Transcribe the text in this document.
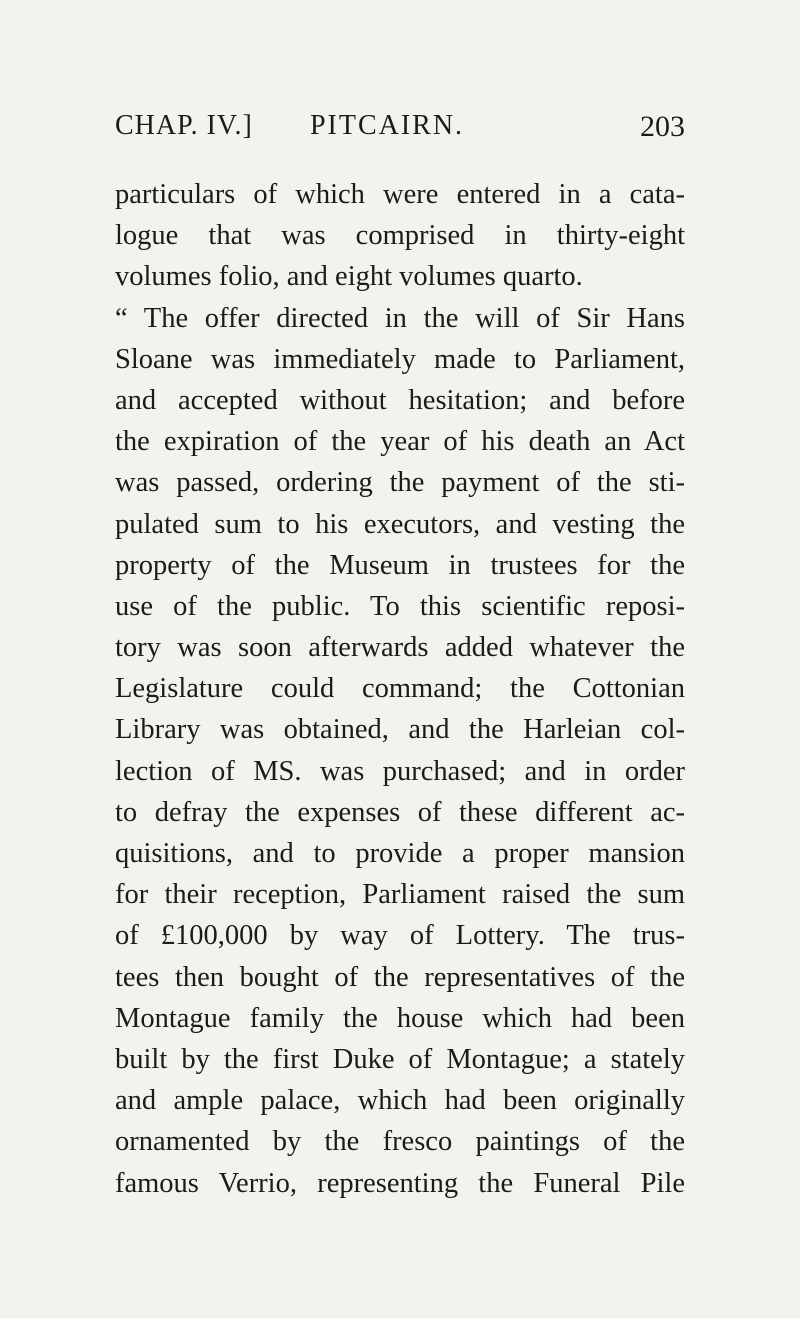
CHAP. IV.] PITCAIRN.	203
particulars of which were entered in a cata-
logue that was comprised in thirty-eight
volumes folio, and eight volumes quarto.
“ The offer directed in the will of Sir Hans
Sloane was immediately made to Parliament,
and accepted without hesitation; and before
the expiration of the year of his death an Act
was passed, ordering the payment of the sti-
pulated sum to his executors, and vesting the
property of the Museum in trustees for the
use of the public. To this scientific reposi-
tory was soon afterwards added whatever the
Legislature could command; the Cottonian
Library was obtained, and the Harleian col-
lection of MS. was purchased; and in order
to defray the expenses of these different ac-
quisitions, and to provide a proper mansion
for their reception, Parliament raised the sum
of £100,000 by way of Lottery. The trus-
tees then bought of the representatives of the
Montague family the house which had been
built by the first Duke of Montague; a stately
and ample palace, which had been originally
ornamented by the fresco paintings of the
famous Verrio, representing the Funeral Pile
